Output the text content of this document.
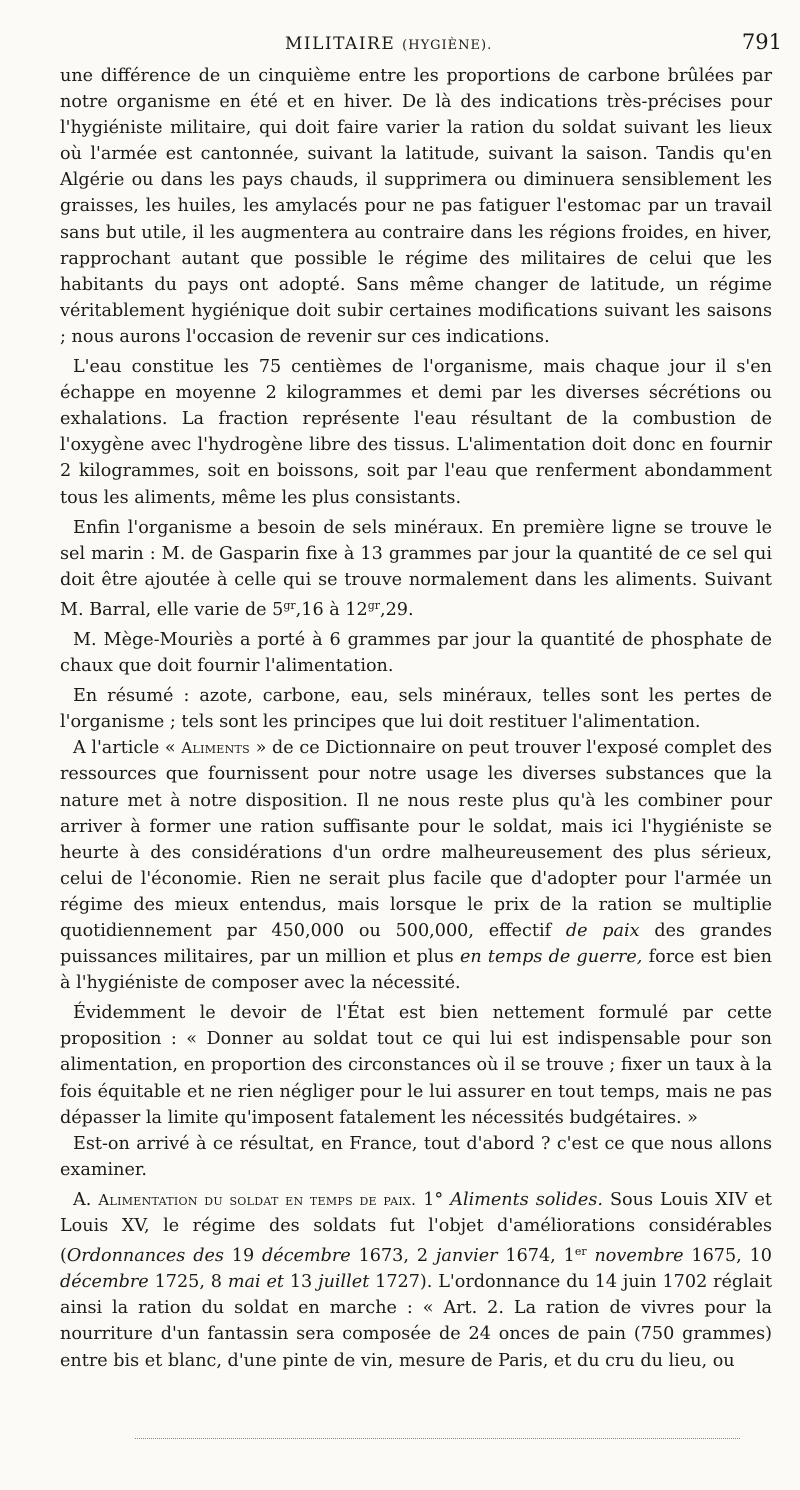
MILITAIRE (HYGIÈNE).	791

une différence de un cinquième entre les proportions de carbone brûlées par notre organisme en été et en hiver. De là des indications très-précises pour l'hygiéniste militaire, qui doit faire varier la ration du soldat suivant les lieux où l'armée est cantonnée, suivant la latitude, suivant la saison. Tandis qu'en Algérie ou dans les pays chauds, il supprimera ou diminuera sensiblement les graisses, les huiles, les amylacés pour ne pas fatiguer l'estomac par un travail sans but utile, il les augmentera au contraire dans les régions froides, en hiver, rapprochant autant que possible le régime des militaires de celui que les habitants du pays ont adopté. Sans même changer de latitude, un régime véritablement hygiénique doit subir certaines modifications suivant les saisons ; nous aurons l'occasion de revenir sur ces indications.

L'eau constitue les 75 centièmes de l'organisme, mais chaque jour il s'en échappe en moyenne 2 kilogrammes et demi par les diverses sécrétions ou exhalations. La fraction représente l'eau résultant de la combustion de l'oxygène avec l'hydrogène libre des tissus. L'alimentation doit donc en fournir 2 kilogrammes, soit en boissons, soit par l'eau que renferment abondamment tous les aliments, même les plus consistants.

Enfin l'organisme a besoin de sels minéraux. En première ligne se trouve le sel marin : M. de Gasparin fixe à 13 grammes par jour la quantité de ce sel qui doit être ajoutée à celle qui se trouve normalement dans les aliments. Suivant M. Barral, elle varie de $5^{gr},16$ à $12^{gr},29$.

M. Mège-Mouriès a porté à 6 grammes par jour la quantité de phosphate de chaux que doit fournir l'alimentation.

En résumé : azote, carbone, eau, sels minéraux, telles sont les pertes de l'organisme ; tels sont les principes que lui doit restituer l'alimentation.

A l'article « Aliments » de ce Dictionnaire on peut trouver l'exposé complet des ressources que fournissent pour notre usage les diverses substances que la nature met à notre disposition. Il ne nous reste plus qu'à les combiner pour arriver à former une ration suffisante pour le soldat, mais ici l'hygiéniste se heurte à des considérations d'un ordre malheureusement des plus sérieux, celui de l'économie. Rien ne serait plus facile que d'adopter pour l'armée un régime des mieux entendus, mais lorsque le prix de la ration se multiplie quotidiennement par 450,000 ou 500,000, effectif de paix des grandes puissances militaires, par un million et plus en temps de guerre, force est bien à l'hygiéniste de composer avec la nécessité.

Évidemment le devoir de l'État est bien nettement formulé par cette proposition : « Donner au soldat tout ce qui lui est indispensable pour son alimentation, en proportion des circonstances où il se trouve ; fixer un taux à la fois équitable et ne rien négliger pour le lui assurer en tout temps, mais ne pas dépasser la limite qu'imposent fatalement les nécessités budgétaires. »

Est-on arrivé à ce résultat, en France, tout d'abord ? c'est ce que nous allons examiner.

A. Alimentation du soldat en temps de paix. 1° Aliments solides. Sous Louis XIV et Louis XV, le régime des soldats fut l'objet d'améliorations considérables (Ordonnances des 19 décembre 1673, 2 janvier 1674, 1er novembre 1675, 10 décembre 1725, 8 mai et 13 juillet 1727). L'ordonnance du 14 juin 1702 réglait ainsi la ration du soldat en marche : « Art. 2. La ration de vivres pour la nourriture d'un fantassin sera composée de 24 onces de pain (750 grammes) entre bis et blanc, d'une pinte de vin, mesure de Paris, et du cru du lieu, ou
